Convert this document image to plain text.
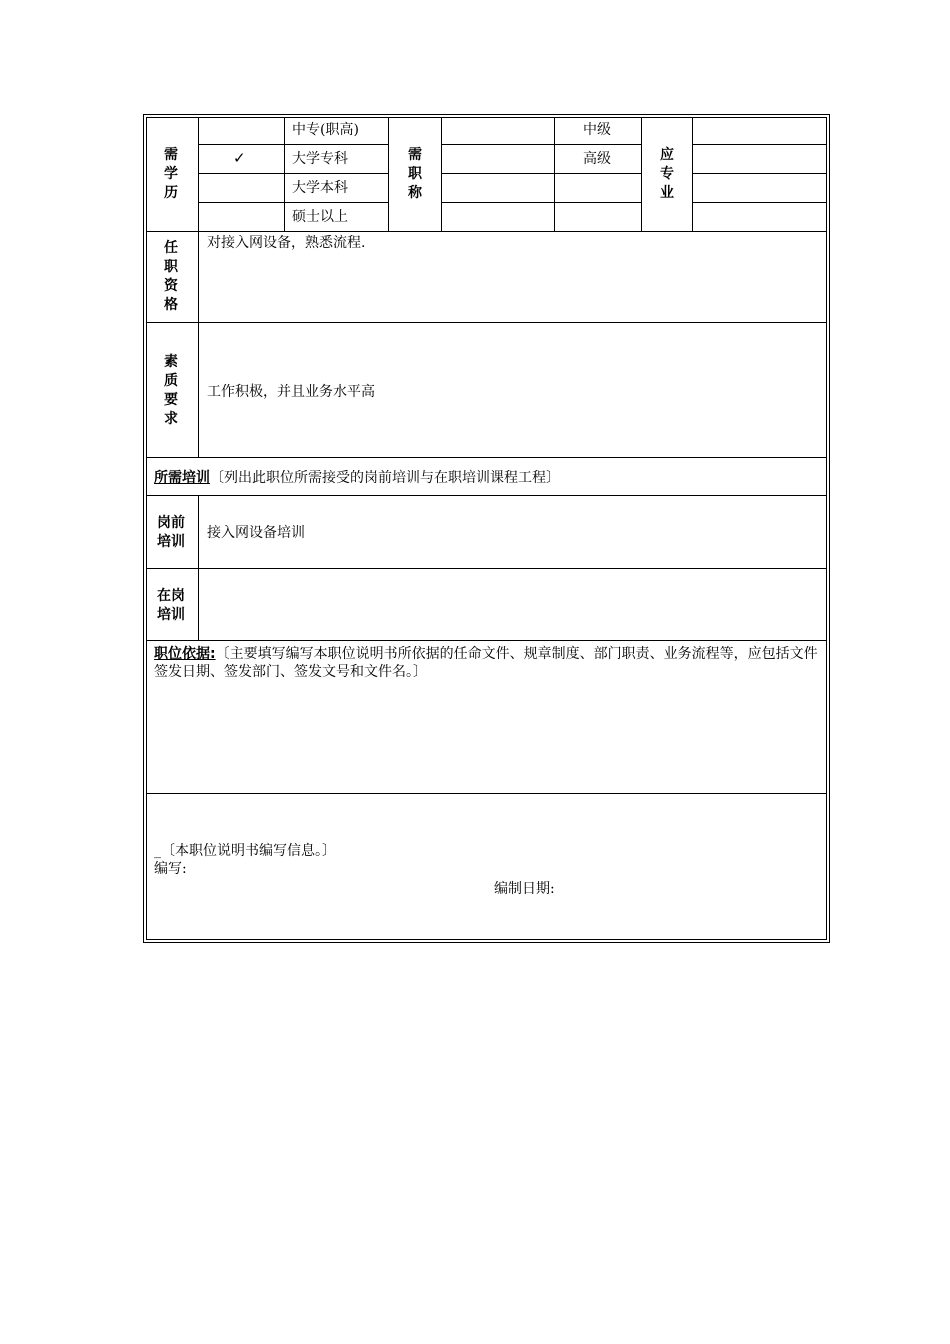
需
学
历
✓
中专(职高)
大学专科
大学本科
硕士以上
需
职
称
中级
高级	应
专
业
任
职
资
格
对接入网设备，熟悉流程.
素
质
要
求
工作积极，并且业务水平高
所需培训〔列出此职位所需接受的岗前培训与在职培训课程工程〕
岗前
培训
接入网设备培训
在岗
培训
职位依据:〔主要填写编写本职位说明书所依据的任命文件、规章制度、部门职责、业务流程等，应包括文件签发日期、签发部门、签发文号和文件名。〕
_〔本职位说明书编写信息。〕
编写:
编制日期:
